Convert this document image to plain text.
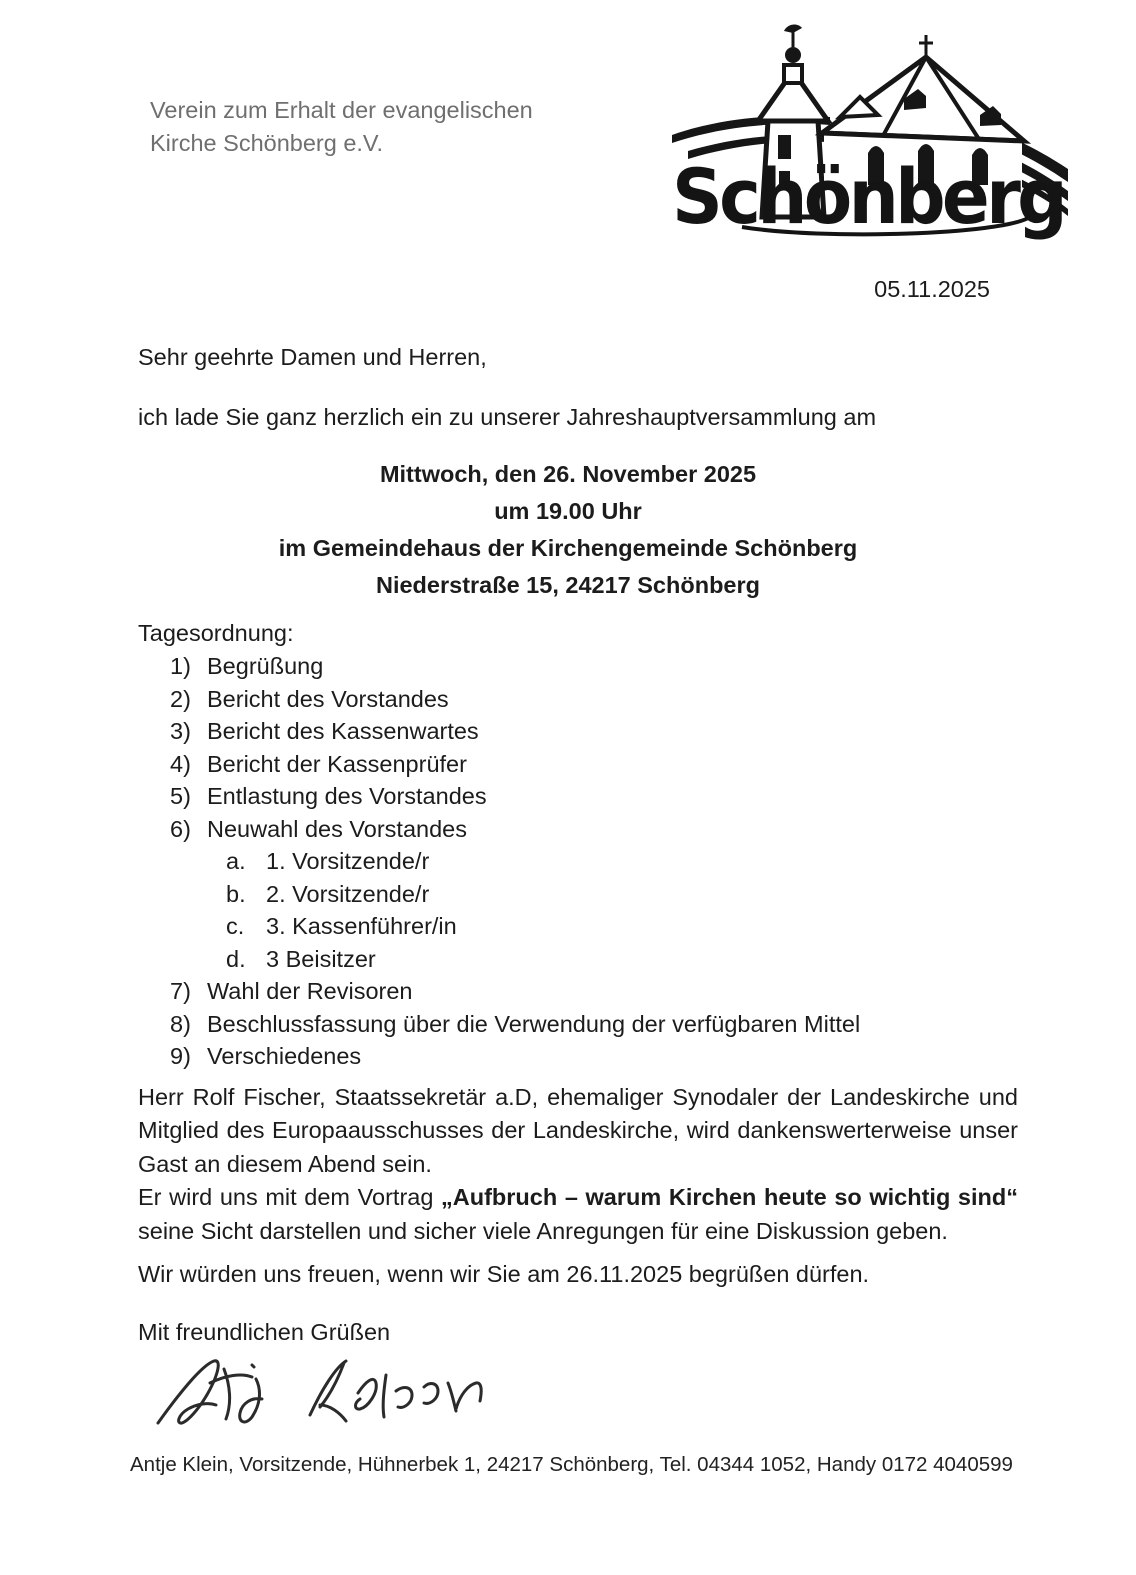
Verein zum Erhalt der evangelischen

Kirche Schönberg e.V.

Schönberg
05.11.2025

Sehr geehrte Damen und Herren,

ich lade Sie ganz herzlich ein zu unserer Jahreshauptversammlung am

Mittwoch, den 26. November 2025

um 19.00 Uhr

im Gemeindehaus der Kirchengemeinde Schönberg

Niederstraße 15, 24217 Schönberg

Tagesordnung:

1) Begrüßung
2) Bericht des Vorstandes
3) Bericht des Kassenwartes
4) Bericht der Kassenprüfer
5) Entlastung des Vorstandes
6) Neuwahl des Vorstandes
a. 1. Vorsitzende/r
b. 2. Vorsitzende/r
c. 3. Kassenführer/in
d. 3 Beisitzer
7) Wahl der Revisoren
8) Beschlussfassung über die Verwendung der verfügbaren Mittel
9) Verschiedenes

Herr Rolf Fischer, Staatssekretär a.D, ehemaliger Synodaler der Landeskirche und Mitglied des Europaausschusses der Landeskirche, wird dankenswerterweise unser Gast an diesem Abend sein.

Er wird uns mit dem Vortrag „Aufbruch – warum Kirchen heute so wichtig sind“ seine Sicht darstellen und sicher viele Anregungen für eine Diskussion geben.

Wir würden uns freuen, wenn wir Sie am 26.11.2025 begrüßen dürfen.

Mit freundlichen Grüßen

Antje Klein, Vorsitzende, Hühnerbek 1, 24217 Schönberg, Tel. 04344 1052, Handy 0172 4040599
